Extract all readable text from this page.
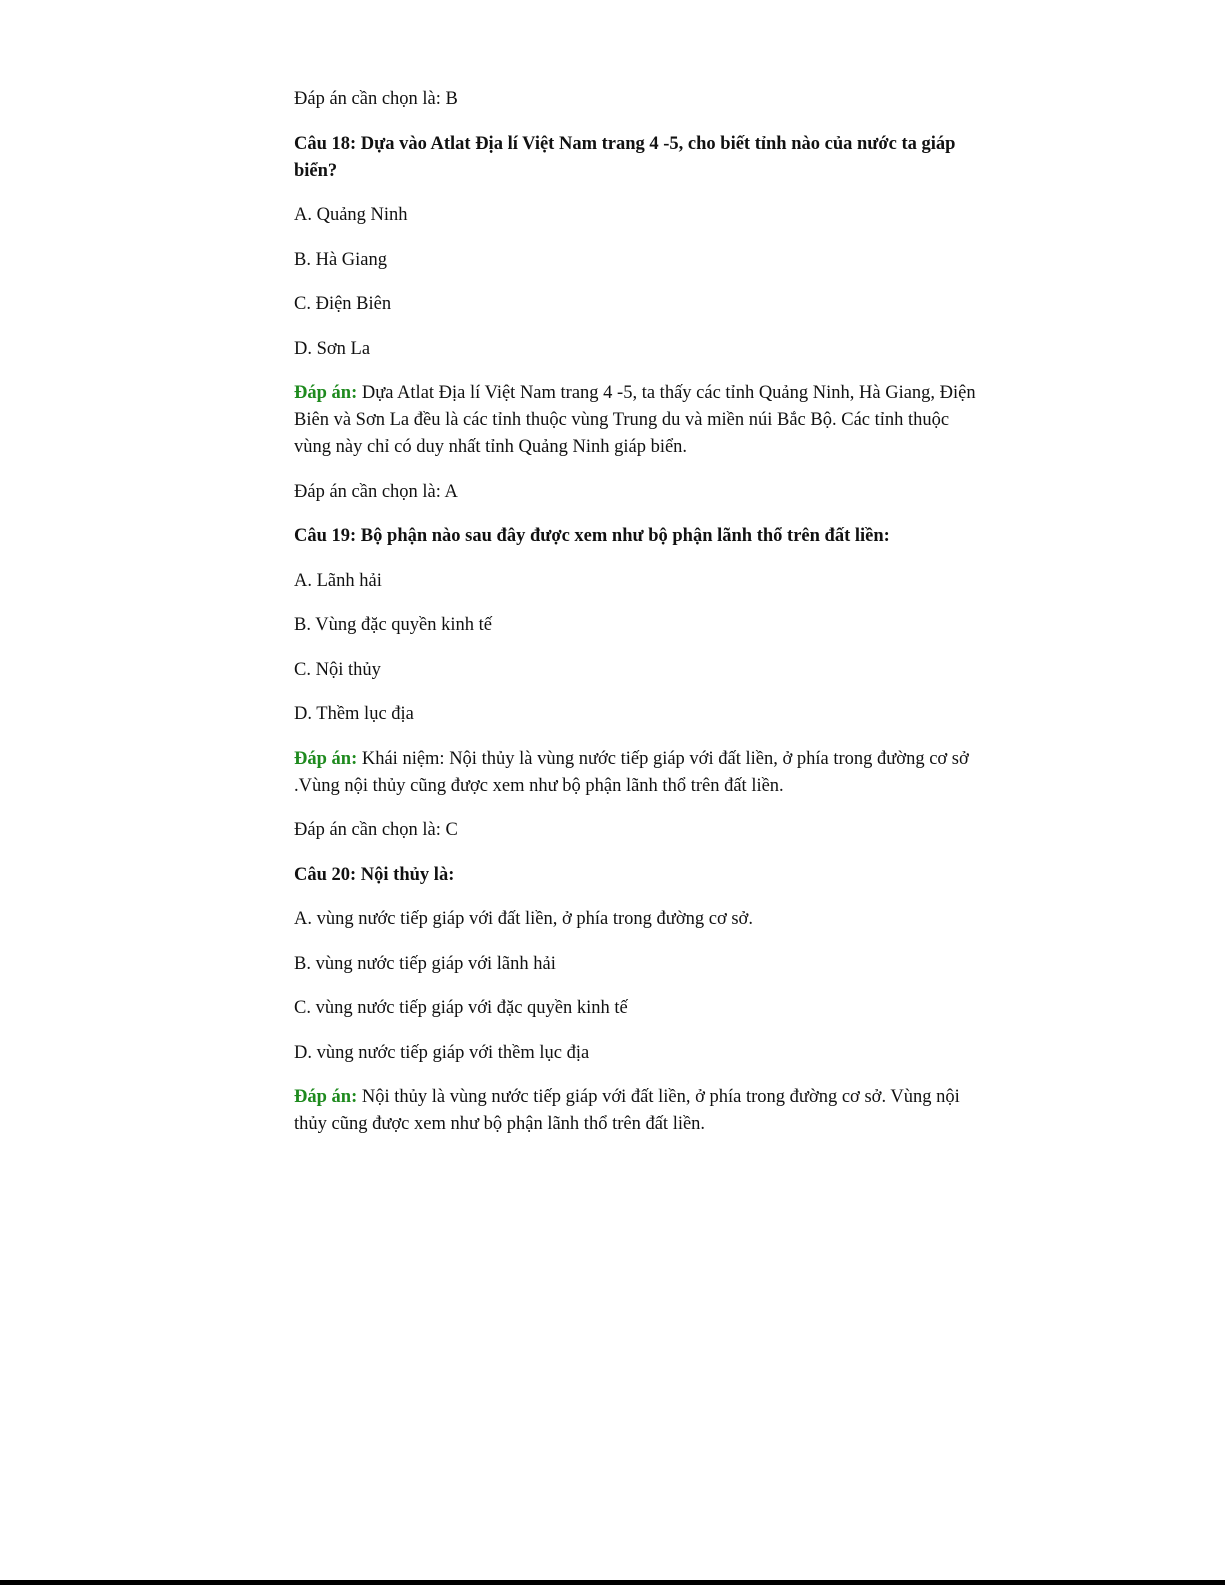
Đáp án cần chọn là: B

Câu 18: Dựa vào Atlat Địa lí Việt Nam trang 4 -5, cho biết tỉnh nào của nước ta giáp biển?

A. Quảng Ninh

B. Hà Giang

C. Điện Biên

D. Sơn La

Đáp án: Dựa Atlat Địa lí Việt Nam trang 4 -5, ta thấy các tỉnh Quảng Ninh, Hà Giang, Điện Biên và Sơn La đều là các tỉnh thuộc vùng Trung du và miền núi Bắc Bộ. Các tỉnh thuộc vùng này chỉ có duy nhất tỉnh Quảng Ninh giáp biển.

Đáp án cần chọn là: A

Câu 19: Bộ phận nào sau đây được xem như bộ phận lãnh thổ trên đất liền:

A. Lãnh hải

B. Vùng đặc quyền kinh tế

C. Nội thủy

D. Thềm lục địa

Đáp án: Khái niệm: Nội thủy là vùng nước tiếp giáp với đất liền, ở phía trong đường cơ sở .Vùng nội thủy cũng được xem như bộ phận lãnh thổ trên đất liền.

Đáp án cần chọn là: C

Câu 20: Nội thủy là:

A. vùng nước tiếp giáp với đất liền, ở phía trong đường cơ sở.

B. vùng nước tiếp giáp với lãnh hải

C. vùng nước tiếp giáp với đặc quyền kinh tế

D. vùng nước tiếp giáp với thềm lục địa

Đáp án: Nội thủy là vùng nước tiếp giáp với đất liền, ở phía trong đường cơ sở. Vùng nội thủy cũng được xem như bộ phận lãnh thổ trên đất liền.
